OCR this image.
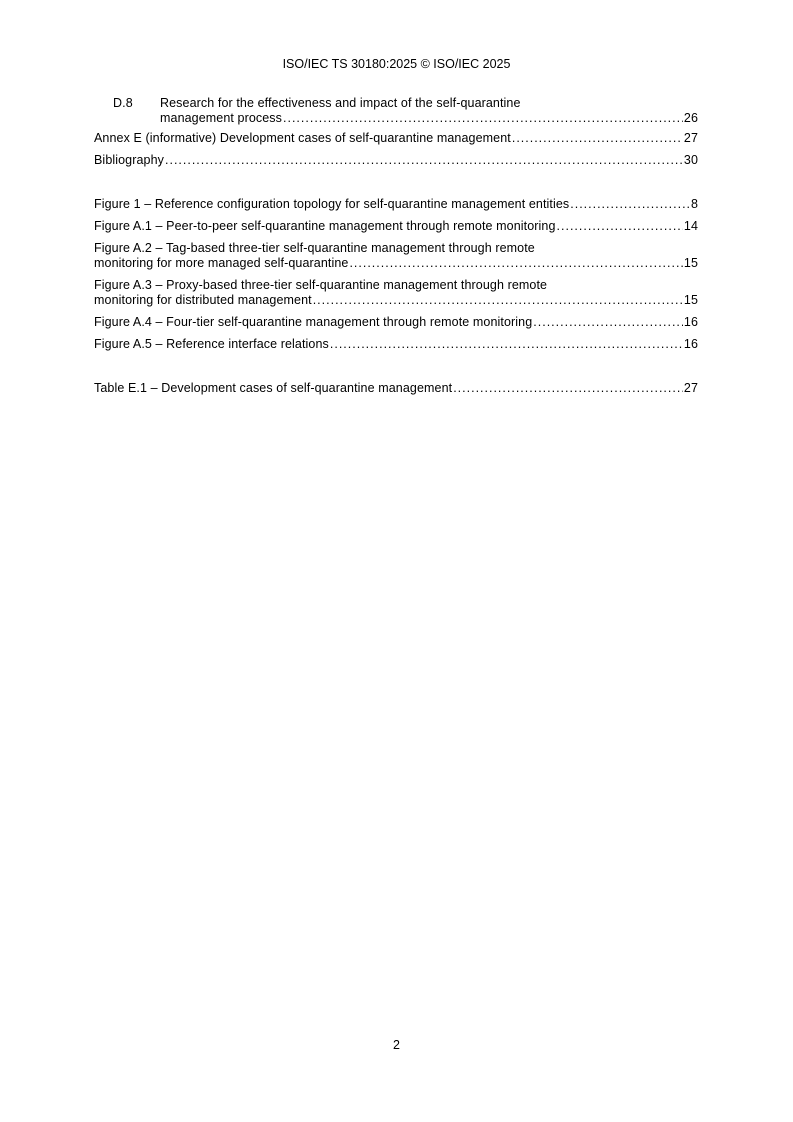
ISO/IEC TS 30180:2025 © ISO/IEC 2025
D.8 Research for the effectiveness and impact of the self-quarantine
management process .....	26
Annex E (informative) Development cases of self-quarantine management .....	27
Bibliography .....	30
Figure 1 – Reference configuration topology for self-quarantine management entities .....	8
Figure A.1 – Peer-to-peer self-quarantine management through remote monitoring .....	14
Figure A.2 – Tag-based three-tier self-quarantine management through remote
monitoring for more managed self-quarantine .....	15
Figure A.3 – Proxy-based three-tier self-quarantine management through remote
monitoring for distributed management .....	15
Figure A.4 – Four-tier self-quarantine management through remote monitoring .....	16
Figure A.5 – Reference interface relations .....	16
Table E.1 – Development cases of self-quarantine management .....	27
2
